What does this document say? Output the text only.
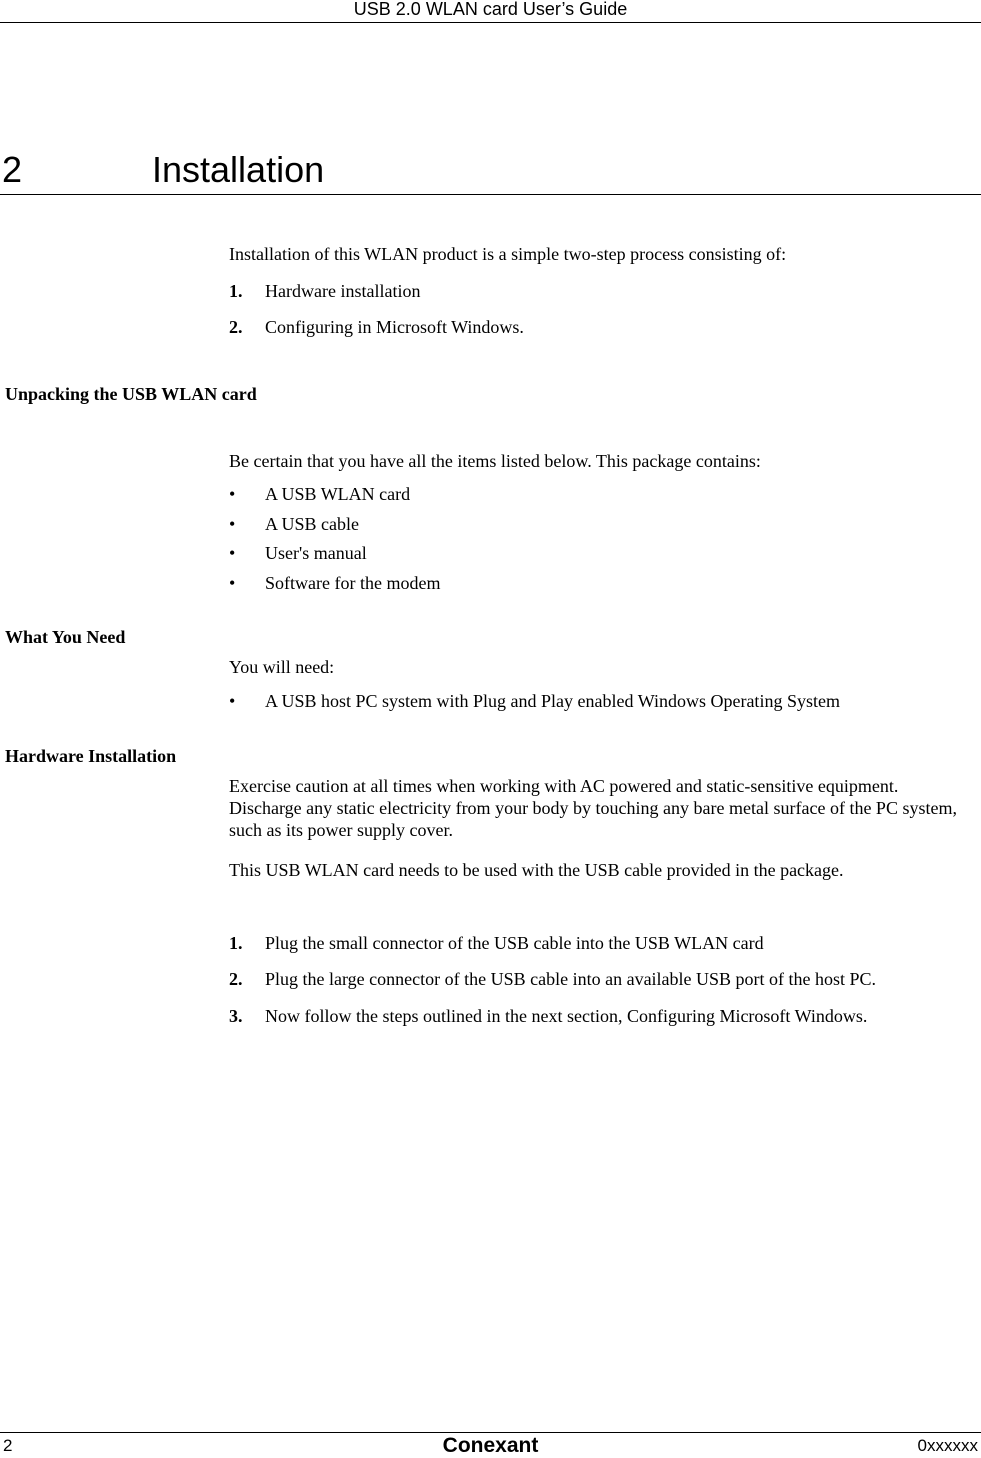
USB 2.0 WLAN card User’s Guide
2	Installation
Installation of this WLAN product is a simple two-step process consisting of:
1. Hardware installation
2. Configuring in Microsoft Windows.
Unpacking the USB WLAN card
Be certain that you have all the items listed below. This package contains:
• A USB WLAN card
• A USB cable
• User's manual
• Software for the modem
What You Need
You will need:
• A USB host PC system with Plug and Play enabled Windows Operating System
Hardware Installation
Exercise caution at all times when working with AC powered and static-sensitive equipment. Discharge any static electricity from your body by touching any bare metal surface of the PC system, such as its power supply cover.
This USB WLAN card needs to be used with the USB cable provided in the package.
1. Plug the small connector of the USB cable into the USB WLAN card
2. Plug the large connector of the USB cable into an available USB port of the host PC.
3. Now follow the steps outlined in the next section, Configuring Microsoft Windows.
2	Conexant	0xxxxxx
